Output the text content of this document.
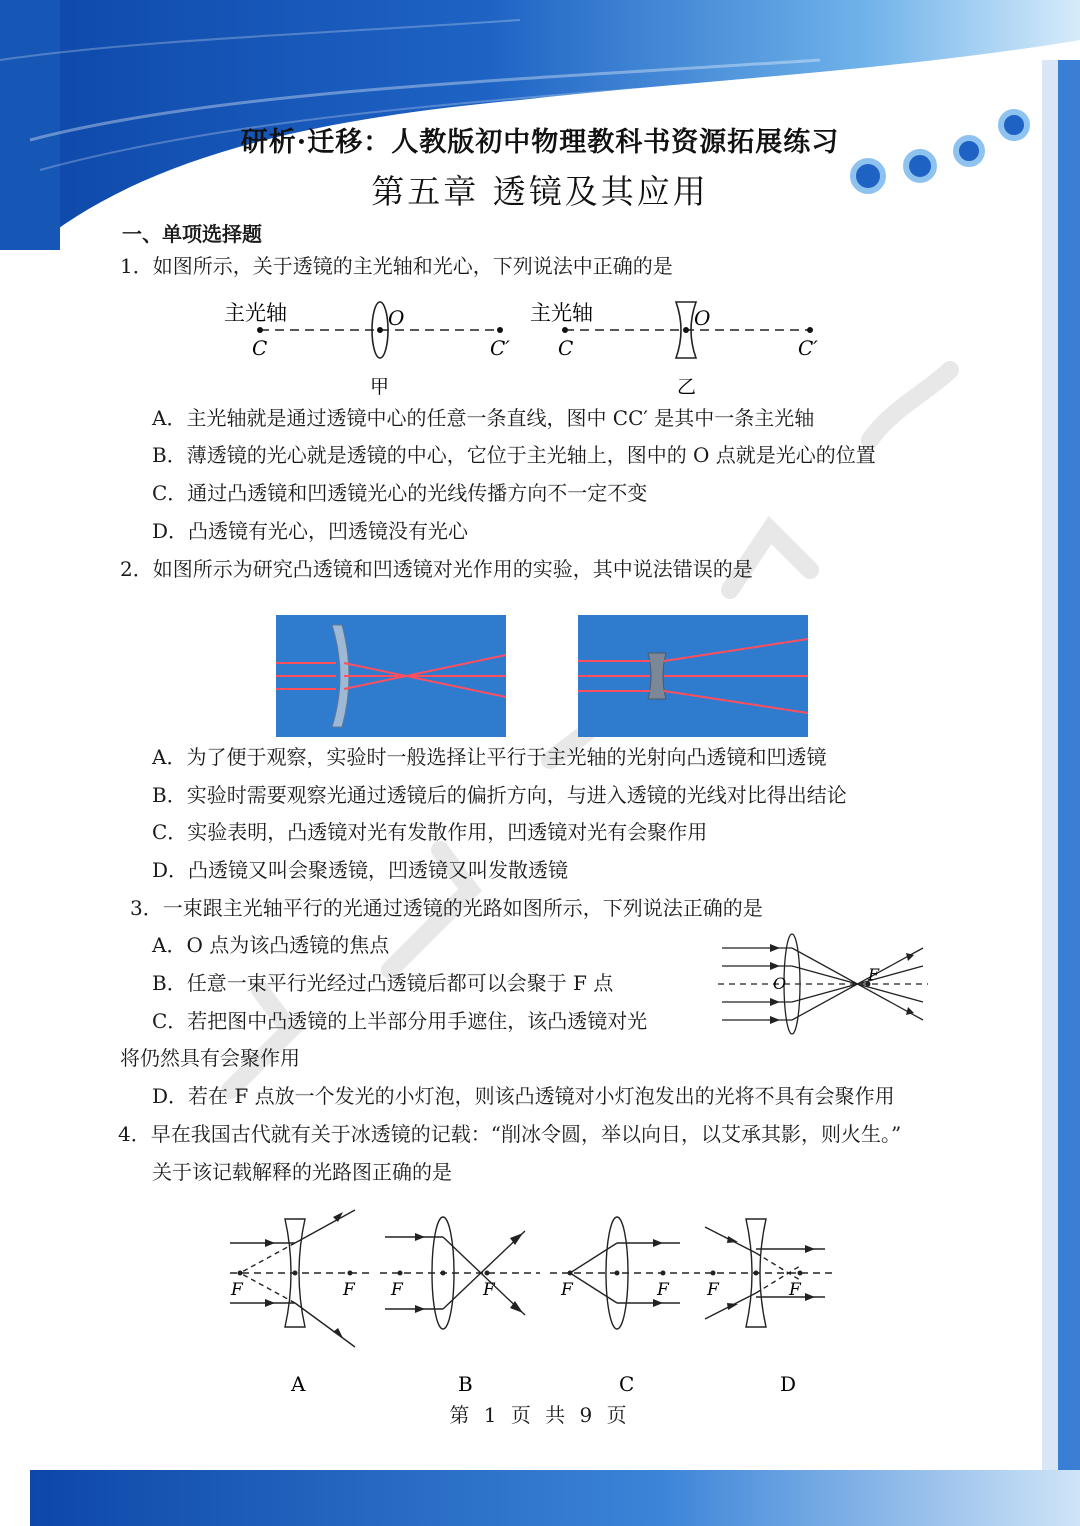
研析·迁移：人教版初中物理教科书资源拓展练习
第五章 透镜及其应用
一、单项选择题
1．如图所示，关于透镜的主光轴和光心，下列说法中正确的是
主光轴	主光轴
C	C′
O
C	C′
O
甲	乙
A．主光轴就是通过透镜中心的任意一条直线，图中 CC′ 是其中一条主光轴
B．薄透镜的光心就是透镜的中心，它位于主光轴上，图中的 O 点就是光心的位置
C．通过凸透镜和凹透镜光心的光线传播方向不一定不变
D．凸透镜有光心，凹透镜没有光心
2．如图所示为研究凸透镜和凹透镜对光作用的实验，其中说法错误的是
A．为了便于观察，实验时一般选择让平行于主光轴的光射向凸透镜和凹透镜
B．实验时需要观察光通过透镜后的偏折方向，与进入透镜的光线对比得出结论
C．实验表明，凸透镜对光有发散作用，凹透镜对光有会聚作用
D．凸透镜又叫会聚透镜，凹透镜又叫发散透镜
3．一束跟主光轴平行的光通过透镜的光路如图所示，下列说法正确的是
O	F
A．O 点为该凸透镜的焦点
B．任意一束平行光经过凸透镜后都可以会聚于 F 点
C．若把图中凸透镜的上半部分用手遮住，该凸透镜对光
将仍然具有会聚作用
D．若在 F 点放一个发光的小灯泡，则该凸透镜对小灯泡发出的光将不具有会聚作用
4．早在我国古代就有关于冰透镜的记载：“削冰令圆，举以向日，以艾承其影，则火生。”
关于该记载解释的光路图正确的是
F	F F	F	F	F F	F
A	B	C	D
第 1 页 共 9 页
